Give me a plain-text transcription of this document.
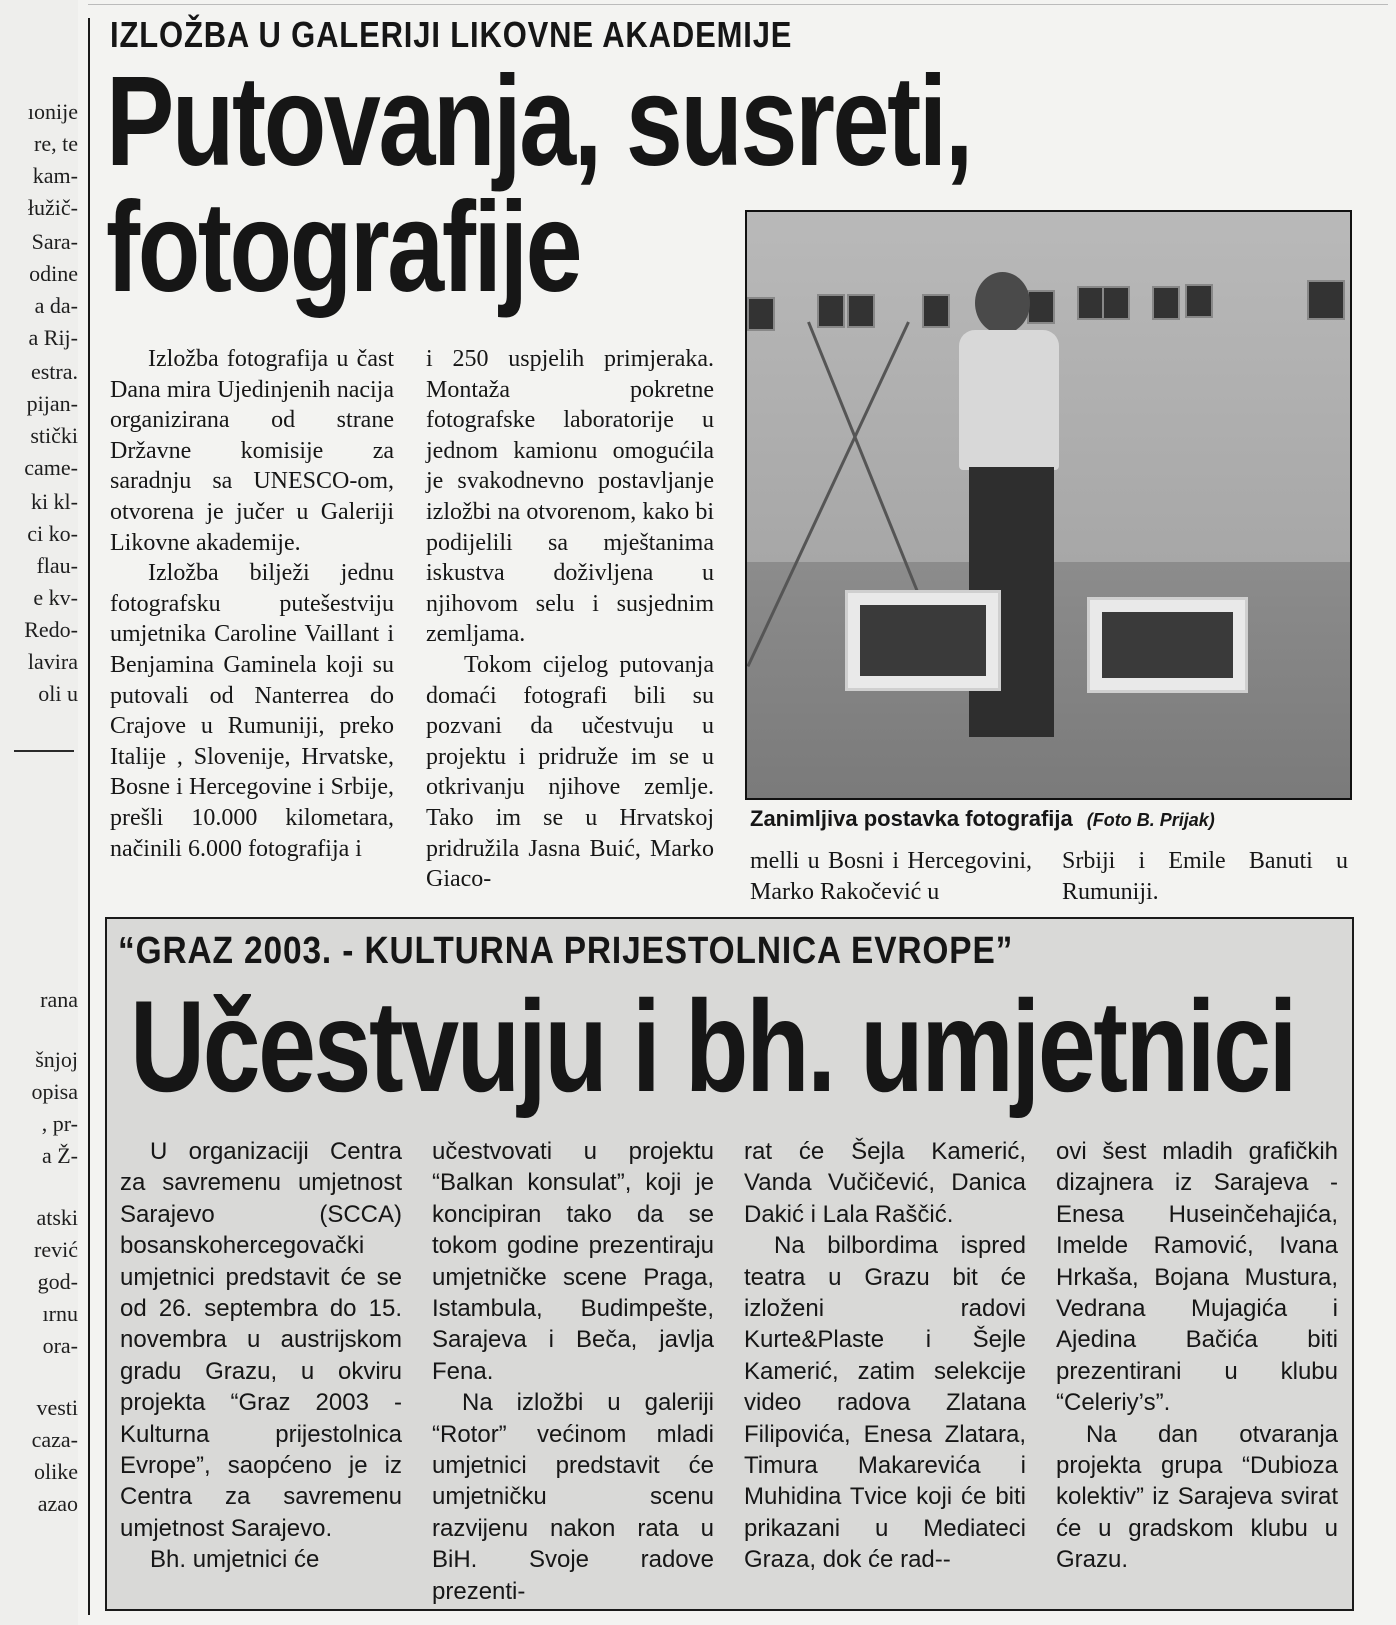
ıonije
re, te
kam-
łužič-
Sara-
odine
a da-
a Rij-
estra.
pijan-
stički
came-
ki kl-
ci ko-
flau-
e kv-
Redo-
lavira
oli u
rana
šnjoj
opisa
, pr-
a Ž-
atski
rević
god-
ırnu
ora-
vesti
caza-
olike
azao
IZLOŽBA U GALERIJI LIKOVNE AKADEMIJE
Putovanja, susreti,
fotografije

Izložba fotografija u čast Dana mira Ujedinjenih nacija organizirana od strane Državne komisije za saradnju sa UNESCO-om, otvorena je jučer u Galeriji Likovne akademije.

Izložba bilježi jednu fotografsku putešestviju umjetnika Caroline Vaillant i Benjamina Gaminela koji su putovali od Nanterrea do Crajove u Rumuniji, preko Italije , Slovenije, Hrvatske, Bosne i Hercegovine i Srbije, prešli 10.000 kilometara, načinili 6.000 fotografija i

i 250 uspjelih primjeraka. Montaža pokretne fotografske laboratorije u jednom kamionu omogućila je svakodnevno postavljanje izložbi na otvorenom, kako bi podijelili sa mještanima iskustva doživljena u njihovom selu i susjednim zemljama.

Tokom cijelog putovanja domaći fotografi bili su pozvani da učestvuju u projektu i pridruže im se u otkrivanju njihove zemlje. Tako im se u Hrvatskoj pridružila Jasna Buić, Marko Giaco-

Zanimljiva postavka fotografija (Foto B. Prijak)

melli u Bosni i Hercegovini, Marko Rakočević u

Srbiji i Emile Banuti u Rumuniji.

“GRAZ 2003. - KULTURNA PRIJESTOLNICA EVROPE”
Učestvuju i bh. umjetnici

U organizaciji Centra za savremenu umjetnost Sarajevo (SCCA) bosanskohercegovački umjetnici predstavit će se od 26. septembra do 15. novembra u austrijskom gradu Grazu, u okviru projekta “Graz 2003 - Kulturna prijestolnica Evrope”, saopćeno je iz Centra za savremenu umjetnost Sarajevo.

Bh. umjetnici će

učestvovati u projektu “Balkan konsulat”, koji je koncipiran tako da se tokom godine prezentiraju umjetničke scene Praga, Istambula, Budimpešte, Sarajeva i Beča, javlja Fena.

Na izložbi u galeriji “Rotor” većinom mladi umjetnici predstavit će umjetničku scenu razvijenu nakon rata u BiH. Svoje radove prezenti-

rat će Šejla Kamerić, Vanda Vučičević, Danica Dakić i Lala Raščić.

Na bilbordima ispred teatra u Grazu bit će izloženi radovi Kurte&Plaste i Šejle Kamerić, zatim selekcije video radova Zlatana Filipovića, Enesa Zlatara, Timura Makarevića i Muhidina Tvice koji će biti prikazani u Mediateci Graza, dok će rad--

ovi šest mladih grafičkih dizajnera iz Sarajeva - Enesa Huseinčehajića, Imelde Ramović, Ivana Hrkaša, Bojana Mustura, Vedrana Mujagića i Ajedina Bačića biti prezentirani u klubu “Celeriy’s”.

Na dan otvaranja projekta grupa “Dubioza kolektiv” iz Sarajeva svirat će u gradskom klubu u Grazu.
